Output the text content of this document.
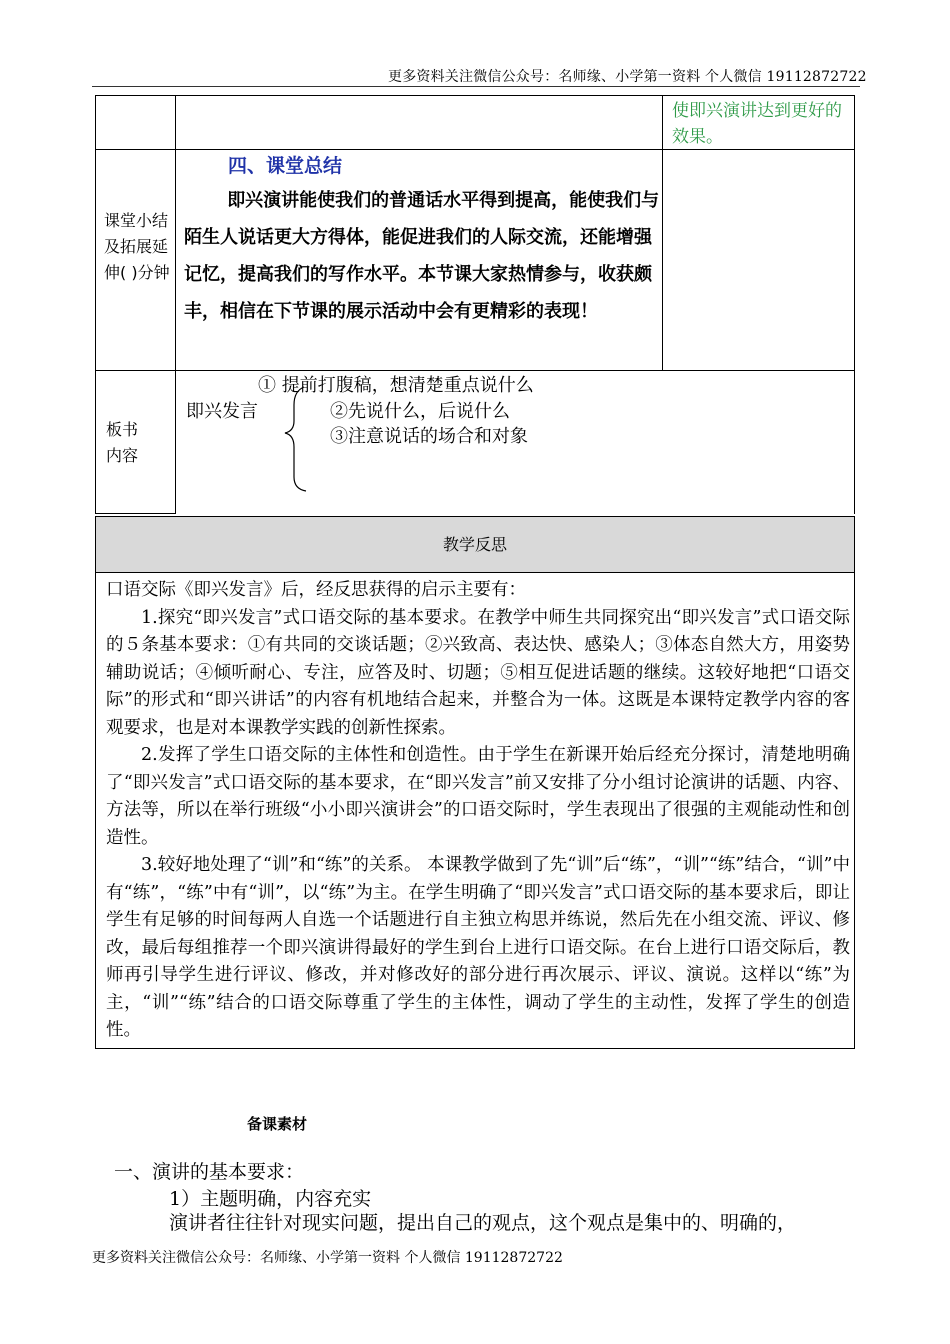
更多资料关注微信公众号：名师缘、小学第一资料 个人微信 19112872722
使即兴演讲达到更好的效果。
课堂小结及拓展延伸( )分钟
四、课堂总结
即兴演讲能使我们的普通话水平得到提高，能使我们与陌生人说话更大方得体，能促进我们的人际交流，还能增强记忆，提高我们的写作水平。本节课大家热情参与，收获颇丰，相信在下节课的展示活动中会有更精彩的表现！
板书
内容
① 提前打腹稿，想清楚重点说什么
即兴发言	②先说什么，后说什么
③注意说话的场合和对象
教学反思

口语交际《即兴发言》后，经反思获得的启示主要有：

1.探究“即兴发言”式口语交际的基本要求。在教学中师生共同探究出“即兴发言”式口语交际的５条基本要求：①有共同的交谈话题；②兴致高、表达快、感染人；③体态自然大方，用姿势辅助说话；④倾听耐心、专注，应答及时、切题；⑤相互促进话题的继续。这较好地把“口语交际”的形式和“即兴讲话”的内容有机地结合起来，并整合为一体。这既是本课特定教学内容的客观要求，也是对本课教学实践的创新性探索。

2.发挥了学生口语交际的主体性和创造性。由于学生在新课开始后经充分探讨，清楚地明确了“即兴发言”式口语交际的基本要求，在“即兴发言”前又安排了分小组讨论演讲的话题、内容、方法等，所以在举行班级“小小即兴演讲会”的口语交际时，学生表现出了很强的主观能动性和创造性。

3.较好地处理了“训”和“练”的关系。 本课教学做到了先“训”后“练”，“训”“练”结合，“训”中有“练”，“练”中有“训”，以“练”为主。在学生明确了“即兴发言”式口语交际的基本要求后，即让学生有足够的时间每两人自选一个话题进行自主独立构思并练说，然后先在小组交流、评议、修改，最后每组推荐一个即兴演讲得最好的学生到台上进行口语交际。在台上进行口语交际后，教师再引导学生进行评议、修改，并对修改好的部分进行再次展示、评议、演说。这样以“练”为主，“训”“练”结合的口语交际尊重了学生的主体性，调动了学生的主动性，发挥了学生的创造性。

备课素材
一、演讲的基本要求：
1）主题明确，内容充实
演讲者往往针对现实问题，提出自己的观点，这个观点是集中的、明确的，
更多资料关注微信公众号：名师缘、小学第一资料 个人微信 19112872722
